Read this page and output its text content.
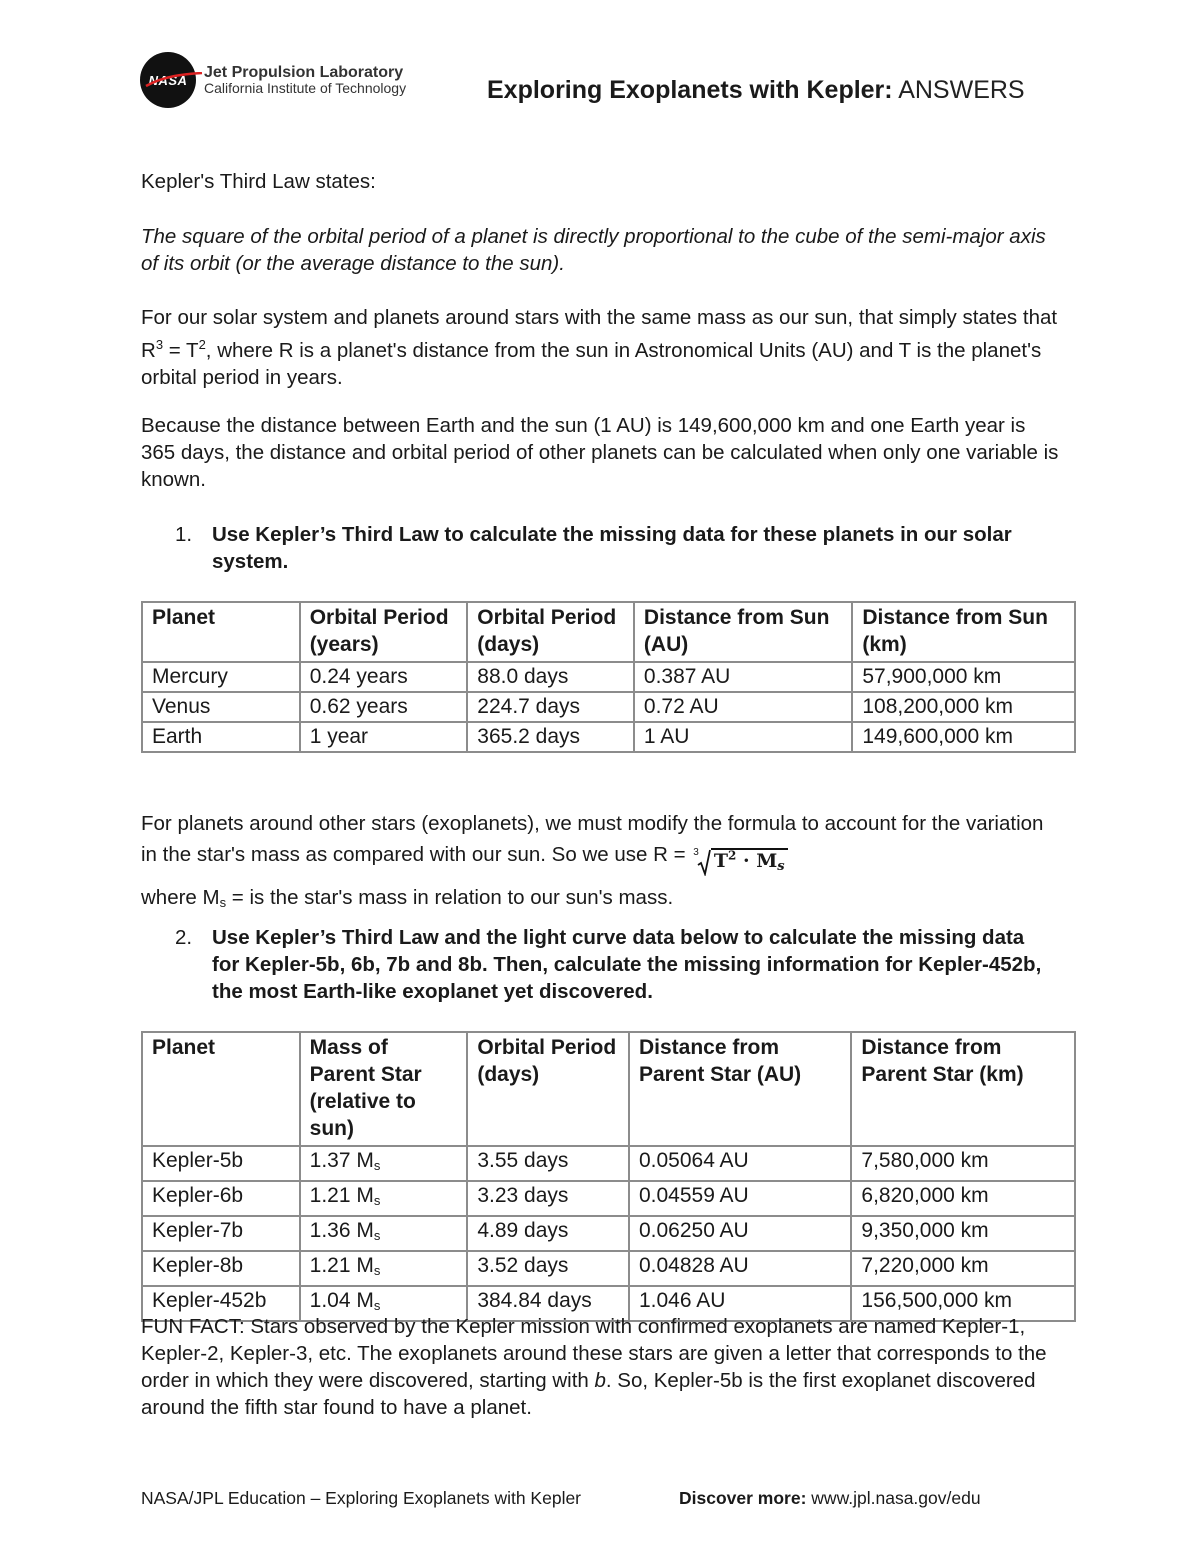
NASA Jet Propulsion Laboratory
California Institute of Technology	Exploring Exoplanets with Kepler: ANSWERS
Kepler's Third Law states:
The square of the orbital period of a planet is directly proportional to the cube of the semi-major axis of its orbit (or the average distance to the sun).
For our solar system and planets around stars with the same mass as our sun, that simply states that $R^3 = T^2$, where R is a planet's distance from the sun in Astronomical Units (AU) and T is the planet's orbital period in years.
Because the distance between Earth and the sun (1 AU) is 149,600,000 km and one Earth year is 365 days, the distance and orbital period of other planets can be calculated when only one variable is known.
1. Use Kepler’s Third Law to calculate the missing data for these planets in our solar system.
Planet	Orbital Period (years)	Orbital Period (days)	Distance from Sun (AU)	Distance from Sun (km)
Mercury	0.24 years	88.0 days	0.387 AU	57,900,000 km
Venus	0.62 years	224.7 days	0.72 AU	108,200,000 km
Earth	1 year	365.2 days	1 AU	149,600,000 km
For planets around other stars (exoplanets), we must modify the formula to account for the variation in the star's mass as compared with our sun. So we use R = $^3$ $T^2 \cdot M_s$
where $M_s$ = is the star's mass in relation to our sun's mass.
2. Use Kepler’s Third Law and the light curve data below to calculate the missing data for Kepler-5b, 6b, 7b and 8b. Then, calculate the missing information for Kepler-452b, the most Earth-like exoplanet yet discovered.
Planet	Mass of Parent Star (relative to sun)	Orbital Period (days)	Distance from Parent Star (AU)	Distance from Parent Star (km)
Kepler-5b	1.37 $M_s$	3.55 days	0.05064 AU	7,580,000 km
Kepler-6b	1.21 $M_s$	3.23 days	0.04559 AU	6,820,000 km
Kepler-7b	1.36 $M_s$	4.89 days	0.06250 AU	9,350,000 km
Kepler-8b	1.21 $M_s$	3.52 days	0.04828 AU	7,220,000 km
Kepler-452b	1.04 $M_s$	384.84 days	1.046 AU	156,500,000 km
FUN FACT: Stars observed by the Kepler mission with confirmed exoplanets are named Kepler-1, Kepler-2, Kepler-3, etc. The exoplanets around these stars are given a letter that corresponds to the order in which they were discovered, starting with b. So, Kepler-5b is the first exoplanet discovered around the fifth star found to have a planet.
NASA/JPL Education – Exploring Exoplanets with Kepler	Discover more: www.jpl.nasa.gov/edu
